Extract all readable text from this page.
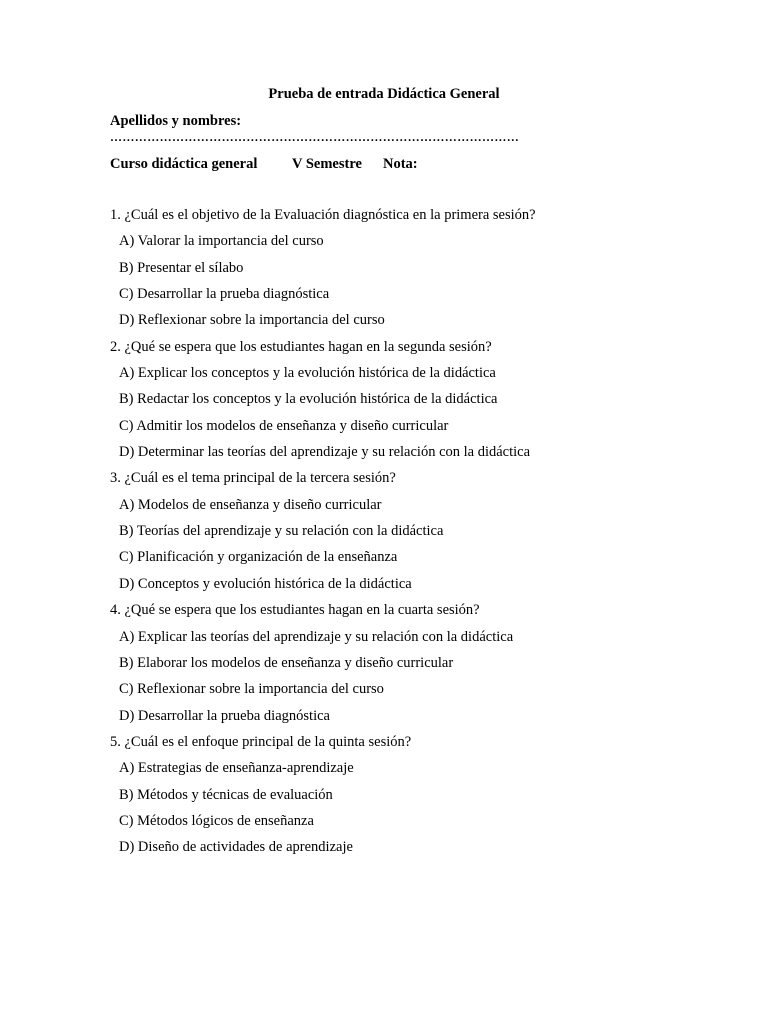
Prueba de entrada Didáctica General
Apellidos y nombres:
………………………………………………………………………………………
Curso didáctica general V Semestre Nota:
1. ¿Cuál es el objetivo de la Evaluación diagnóstica en la primera sesión?
A) Valorar la importancia del curso
B) Presentar el sílabo
C) Desarrollar la prueba diagnóstica
D) Reflexionar sobre la importancia del curso
2. ¿Qué se espera que los estudiantes hagan en la segunda sesión?
A) Explicar los conceptos y la evolución histórica de la didáctica
B) Redactar los conceptos y la evolución histórica de la didáctica
C) Admitir los modelos de enseñanza y diseño curricular
D) Determinar las teorías del aprendizaje y su relación con la didáctica
3. ¿Cuál es el tema principal de la tercera sesión?
A) Modelos de enseñanza y diseño curricular
B) Teorías del aprendizaje y su relación con la didáctica
C) Planificación y organización de la enseñanza
D) Conceptos y evolución histórica de la didáctica
4. ¿Qué se espera que los estudiantes hagan en la cuarta sesión?
A) Explicar las teorías del aprendizaje y su relación con la didáctica
B) Elaborar los modelos de enseñanza y diseño curricular
C) Reflexionar sobre la importancia del curso
D) Desarrollar la prueba diagnóstica
5. ¿Cuál es el enfoque principal de la quinta sesión?
A) Estrategias de enseñanza-aprendizaje
B) Métodos y técnicas de evaluación
C) Métodos lógicos de enseñanza
D) Diseño de actividades de aprendizaje
